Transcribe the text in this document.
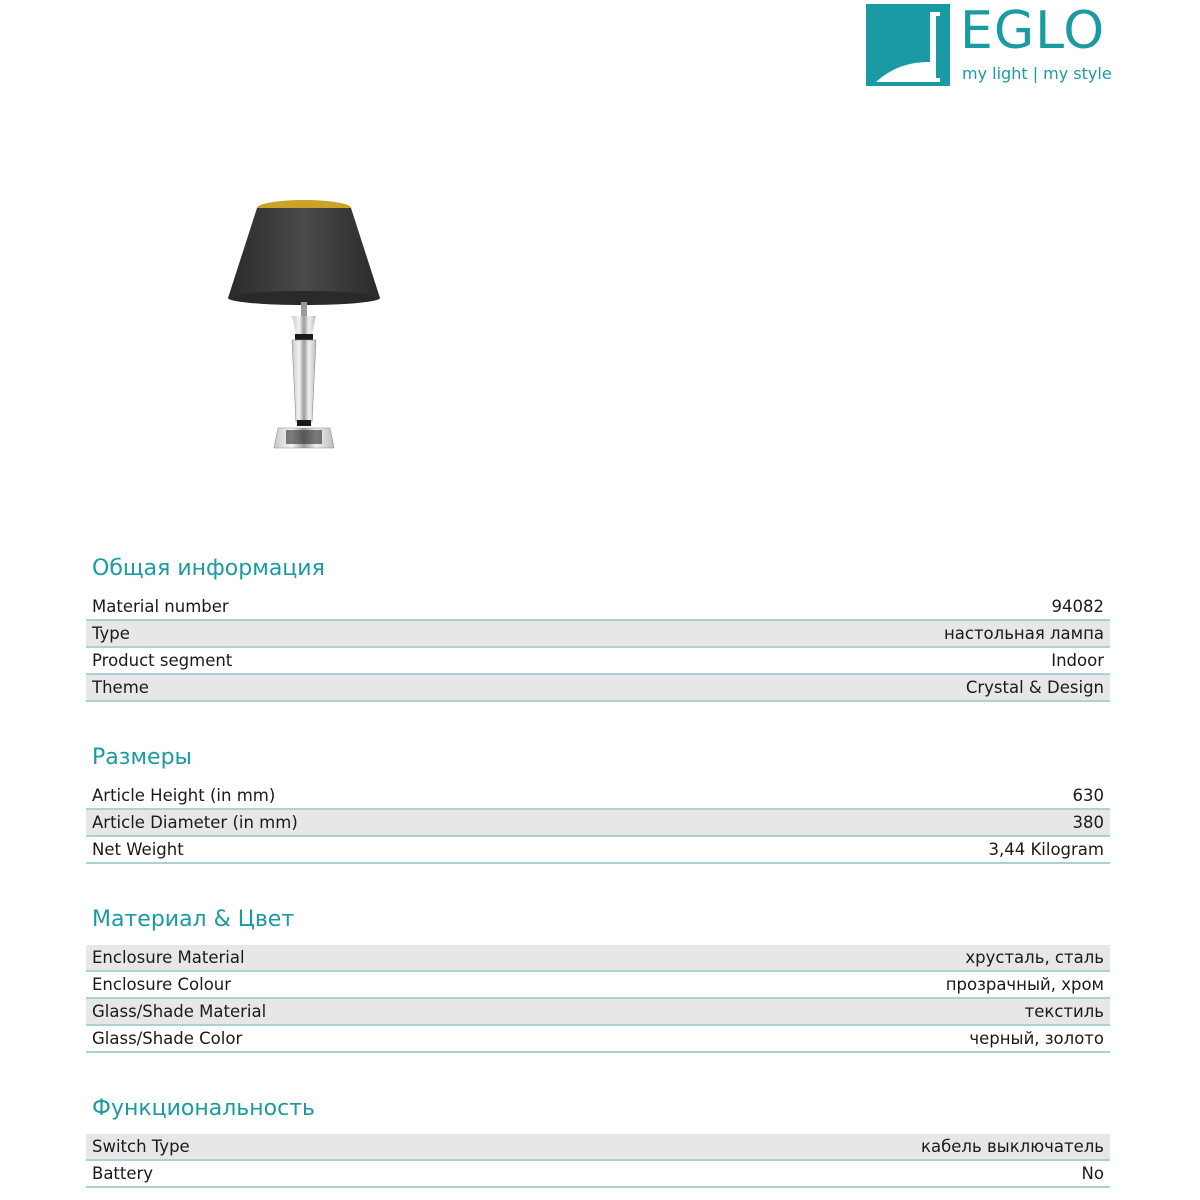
EGLO
my light | my style
Общая информация
Material number	94082
Type	настольная лампа
Product segment	Indoor
Theme	Crystal & Design
Размеры
Article Height (in mm)	630
Article Diameter (in mm)	380
Net Weight	3,44 Kilogram
Материал & Цвет
Enclosure Material	хрусталь, сталь
Enclosure Colour	прозрачный, хром
Glass/Shade Material	текстиль
Glass/Shade Color	черный, золото
Функциональность
Switch Type	кабель выключатель
Battery	No
